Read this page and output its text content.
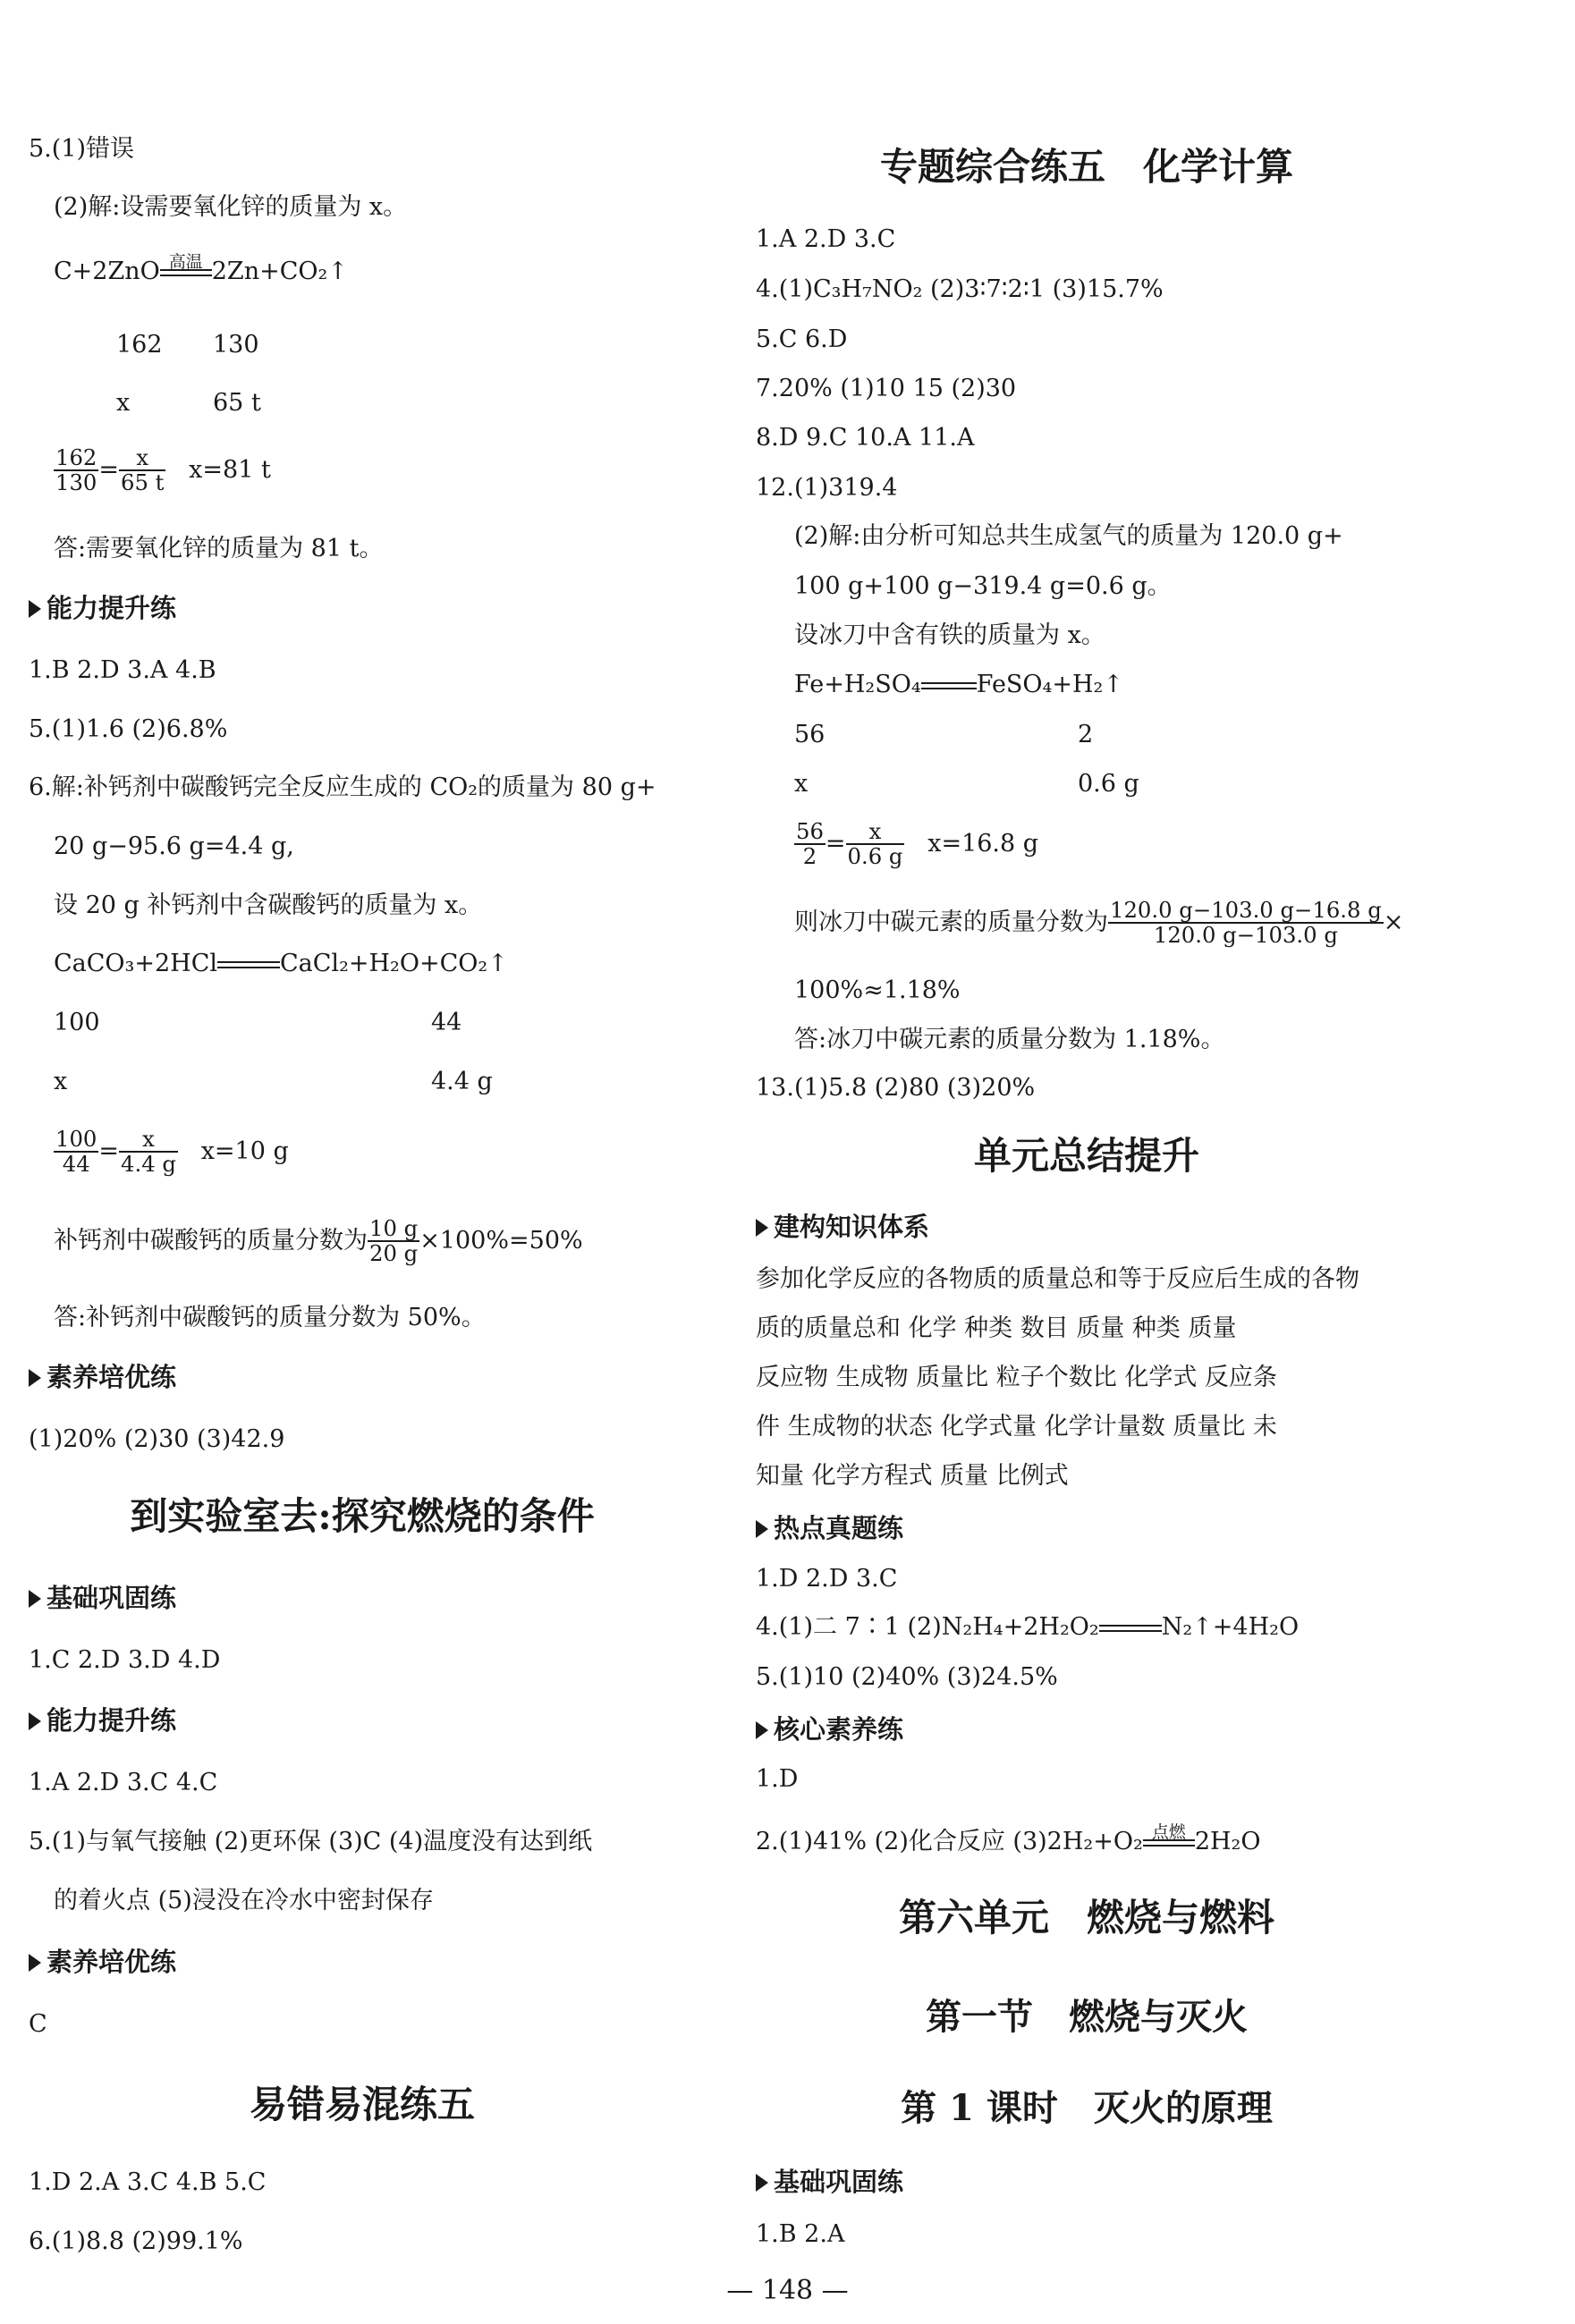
5.(1)错误
(2)解:设需要氧化锌的质量为 x。
C+2ZnO 高温 2Zn+CO₂↑
162 130
x	65 t
$\frac{162}{130} = \frac{x}{65 t} x=81$ t
答:需要氧化锌的质量为 81 t。
能力提升练
1.B 2.D 3.A 4.B
5.(1)1.6 (2)6.8%
6.解:补钙剂中碳酸钙完全反应生成的 CO₂的质量为 80 g+
20 g−95.6 g=4.4 g,
设 20 g 补钙剂中含碳酸钙的质量为 x。
CaCO₃+2HCl	CaCl₂+H₂O+CO₂↑
100	44
x	4.4 g
$\frac{100}{44} = \frac{x}{4.4 g} x=10$ g
补钙剂中碳酸钙的质量分数为 $\frac{10 g}{20 g} \times 100\%=50\%$
答:补钙剂中碳酸钙的质量分数为 50%。
素养培优练
(1)20% (2)30 (3)42.9
到实验室去:探究燃烧的条件
基础巩固练
1.C 2.D 3.D 4.D
能力提升练
1.A 2.D 3.C 4.C
5.(1)与氧气接触 (2)更环保 (3)C (4)温度没有达到纸
的着火点 (5)浸没在冷水中密封保存
素养培优练
C
易错易混练五
1.D 2.A 3.C 4.B 5.C
6.(1)8.8 (2)99.1%
专题综合练五　化学计算
1.A 2.D 3.C
4.(1)C₃H₇NO₂ (2)3∶7∶2∶1 (3)15.7%
5.C 6.D
7.20% (1)10 15 (2)30
8.D 9.C 10.A 11.A
12.(1)319.4
(2)解:由分析可知总共生成氢气的质量为 120.0 g+
100 g+100 g−319.4 g=0.6 g。
设冰刀中含有铁的质量为 x。
Fe+H₂SO₄ FeSO₄+H₂↑
56	2
x	0.6 g
$\frac{56}{2} = \frac{x}{0.6 g} x=16.8$ g
则冰刀中碳元素的质量分数为 $\frac{120.0 g-103.0 g-16.8 g}{120.0 g-103.0 g}$ ×
100%≈1.18%
答:冰刀中碳元素的质量分数为 1.18%。
13.(1)5.8 (2)80 (3)20%
单元总结提升
建构知识体系
参加化学反应的各物质的质量总和等于反应后生成的各物
质的质量总和 化学 种类 数目 质量 种类 质量
反应物 生成物 质量比 粒子个数比 化学式 反应条
件 生成物的状态 化学式量 化学计量数 质量比 未
知量 化学方程式 质量 比例式
热点真题练
1.D 2.D 3.C
4.(1)二 7∶1 (2)N₂H₄+2H₂O₂	N₂↑+4H₂O
5.(1)10 (2)40% (3)24.5%
核心素养练
1.D
2.(1)41% (2)化合反应 (3)2H₂+O₂ 点燃 2H₂O
第六单元　燃烧与燃料
第一节　燃烧与灭火
第 1 课时　灭火的原理
基础巩固练
1.B 2.A
— 148 —
